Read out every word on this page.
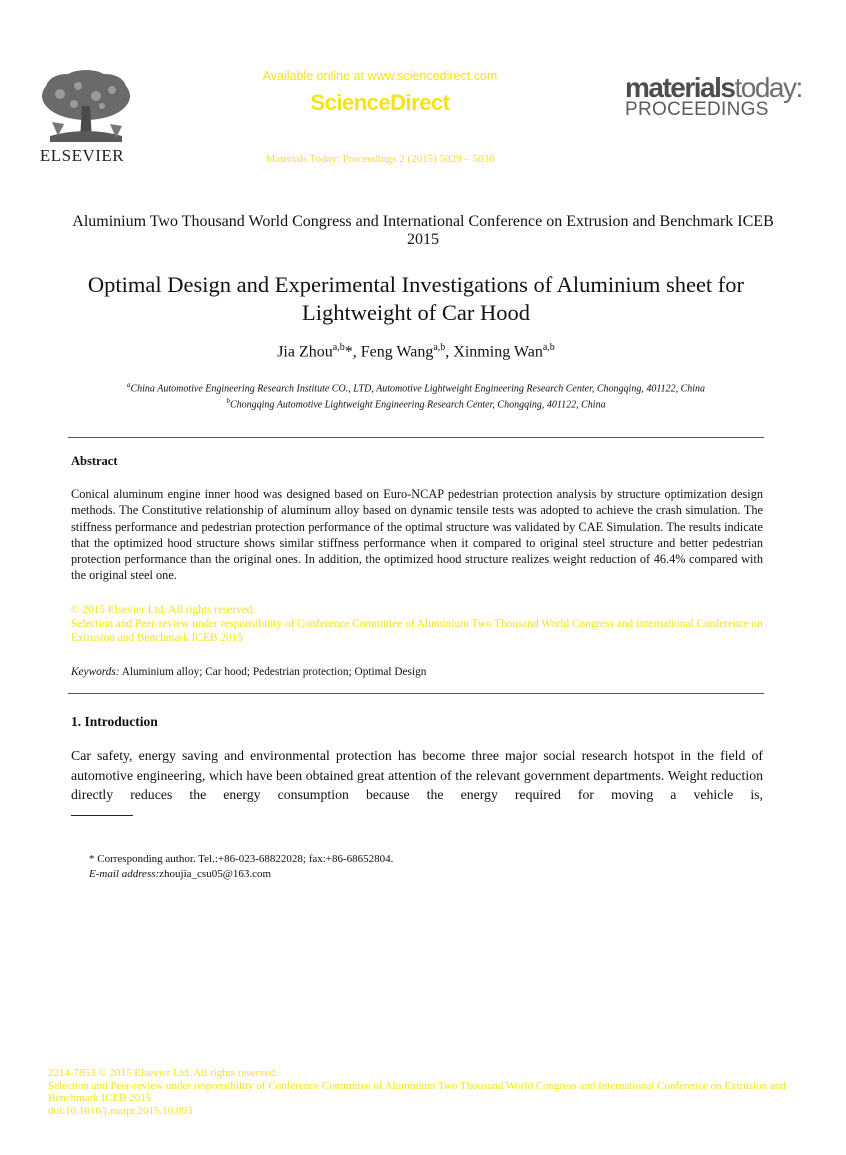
ELSEVIER
Available online at www.sciencedirect.com
ScienceDirect
Materials Today: Proceedings 2 (2015) 5029 – 5036
materialstoday:
PROCEEDINGS
Aluminium Two Thousand World Congress and International Conference on Extrusion and Benchmark ICEB 2015
Optimal Design and Experimental Investigations of Aluminium sheet for Lightweight of Car Hood
Jia Zhou$^{a,b}$*, Feng Wang$^{a,b}$, Xinming Wan$^{a,b}$
$^a$China Automotive Engineering Research Institute CO., LTD, Automotive Lightweight Engineering Research Center, Chongqing, 401122, China
$^b$Chongqing Automotive Lightweight Engineering Research Center, Chongqing, 401122, China
Abstract
Conical aluminum engine inner hood was designed based on Euro-NCAP pedestrian protection analysis by structure optimization design methods. The Constitutive relationship of aluminum alloy based on dynamic tensile tests was adopted to achieve the crash simulation. The stiffness performance and pedestrian protection performance of the optimal structure was validated by CAE Simulation. The results indicate that the optimized hood structure shows similar stiffness performance when it compared to original steel structure and better pedestrian protection performance than the original ones. In addition, the optimized hood structure realizes weight reduction of 46.4% compared with the original steel one.
© 2015 Elsevier Ltd. All rights reserved.
Selection and Peer-review under responsibility of Conference Committee of Aluminium Two Thousand World Congress and International Conference on Extrusion and Benchmark ICEB 2015
Keywords: Aluminium alloy; Car hood; Pedestrian protection; Optimal Design
1. Introduction
Car safety, energy saving and environmental protection has become three major social research hotspot in the field of automotive engineering, which have been obtained great attention of the relevant government departments. Weight reduction directly reduces the energy consumption because the energy required for moving a vehicle is,
* Corresponding author. Tel.:+86-023-68822028; fax:+86-68652804.
E-mail address:zhoujia_csu05@163.com
2214-7853 © 2015 Elsevier Ltd. All rights reserved.
Selection and Peer-review under responsibility of Conference Committee of Aluminium Two Thousand World Congress and International Conference on Extrusion and Benchmark ICEB 2015
doi:10.1016/j.matpr.2015.10.093
